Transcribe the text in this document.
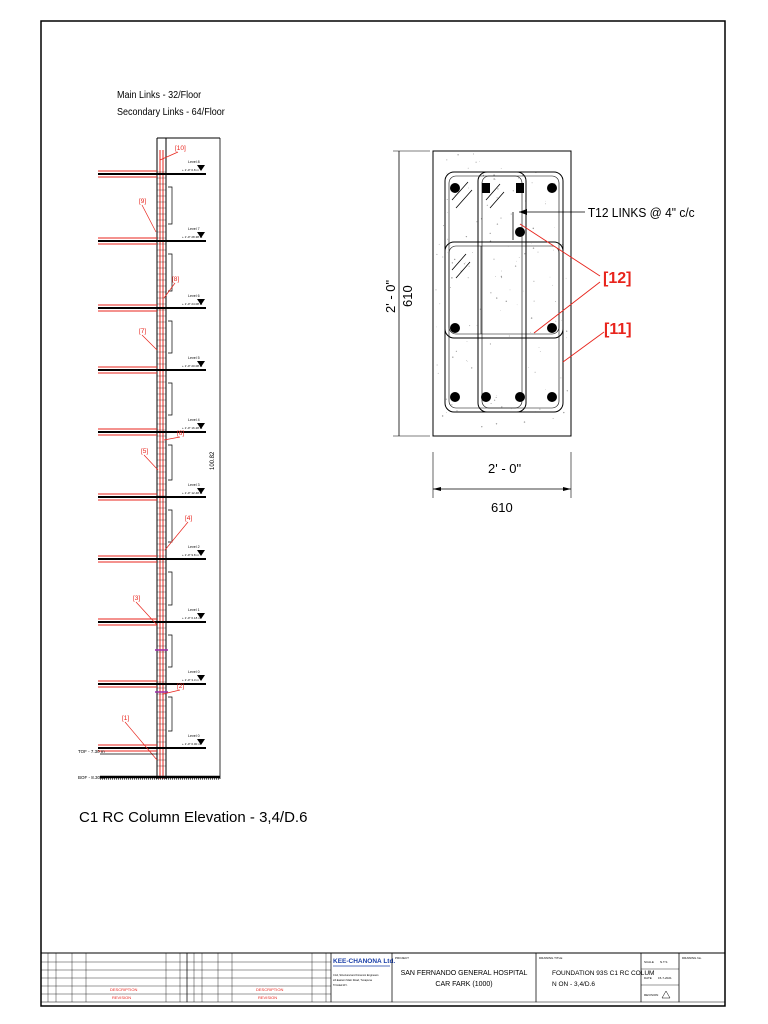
Main Links - 32/Floor
Secondary Links - 64/Floor
Level 8
+ 1'-0" 0.8 m
Level 7
+ 1'-0" 28.38 m
Level 6
+ 1'-0" 24.08 m
Level 5
+ 1'-0" 20.08 m
Level 4
+ 1'-0" 16.28 m
Level 3
+ 1'-0" 12.48 m
Level 2
+ 1'-0" 9.8 m
Level 1
+ 1'-0" 6.18 m
Level 0
+ 1'-0" 3.3 m
Level 0
+ 1'-0" 0.00 m
100.82
[10]
[9]
[8]
[7]
[6]
[5]
[4]
[3]
[2]
[1]
TOF - 7.30 m
BOF - 8.30 m
C1 RC Column Elevation - 3,4/D.6
T12 LINKS @ 4" c/c
[12]
[11]
2' - 0" 610
2' - 0"
610
DESCRIPTION
REVISION
DESCRIPTION
REVISION
KEE-CHANONA Ltd.
Civil, Structural and Forensic Engineers
2A Eastern Main Road, Tunapuna
Trinidad W.I.
PROJECT
SAN FERNANDO GENERAL HOSPITAL
CAR FARK (1000)
DRAWING TITLE
FOUNDATION 93S C1 RC COLUM
N ON - 3,4/D.6
SCALE N.T.S
DATE 15-7-2021
REVISION
DRAWING No.
